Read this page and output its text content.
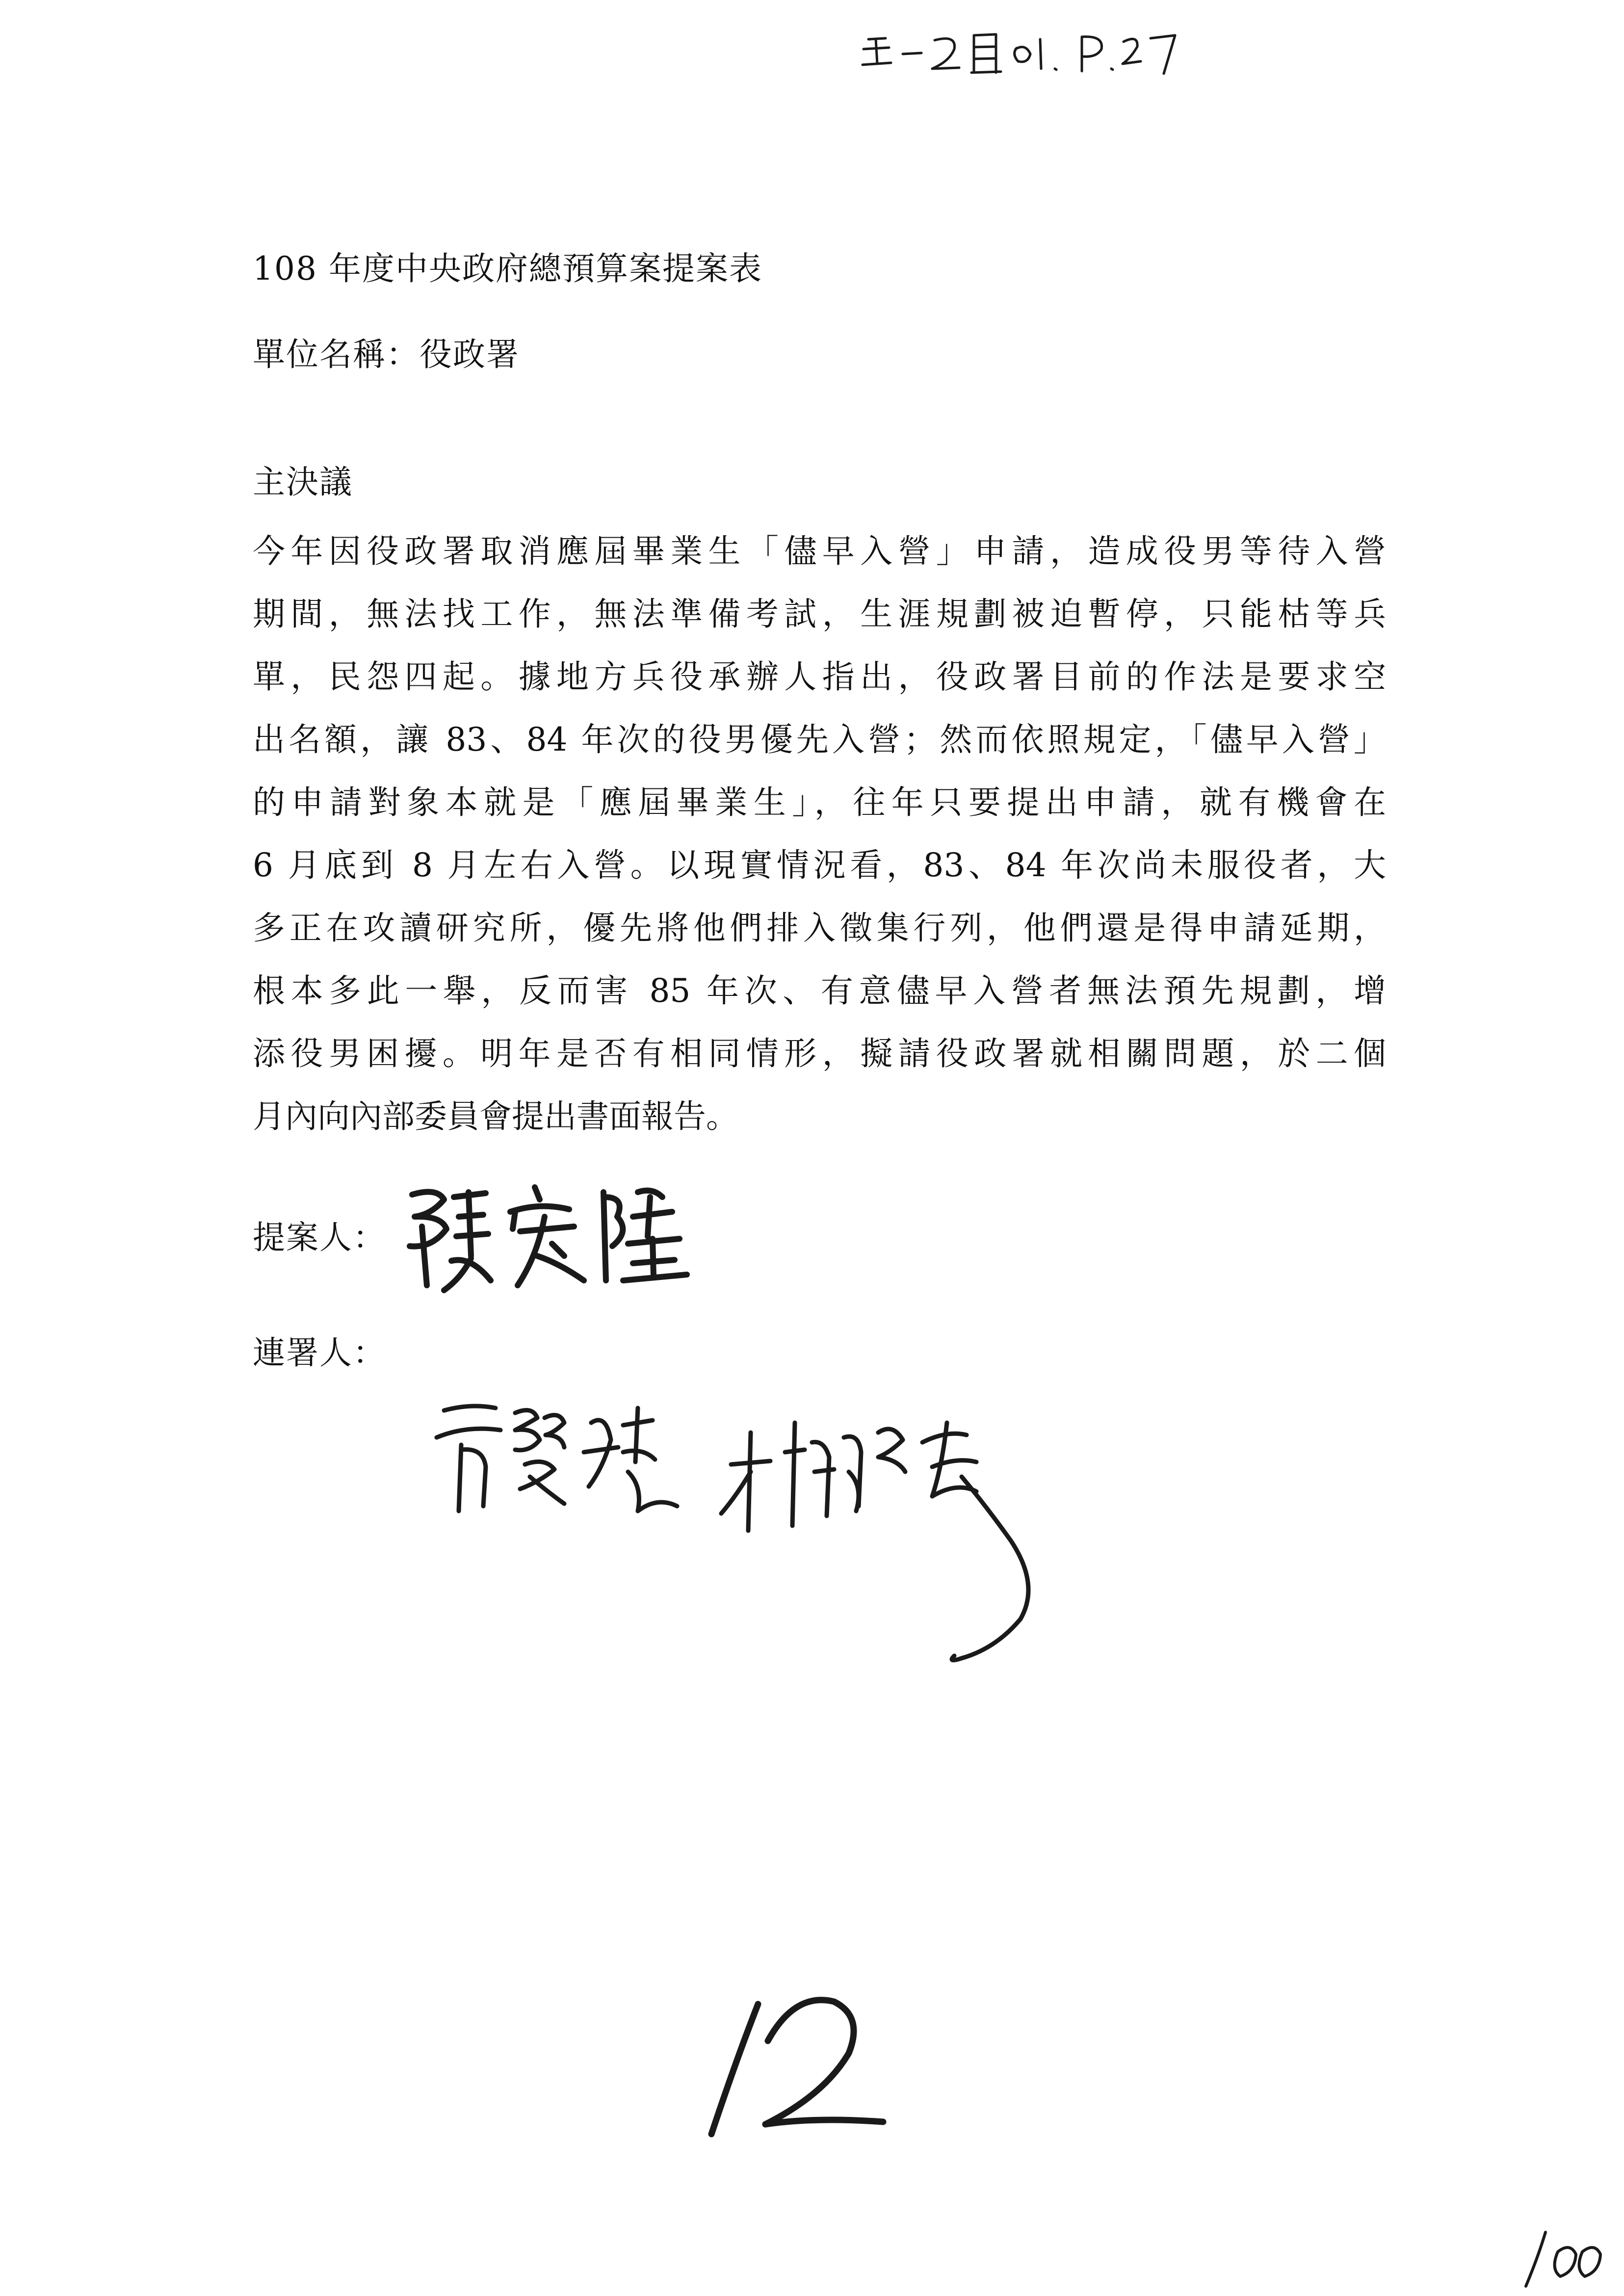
108 年度中央政府總預算案提案表
單位名稱：役政署
主決議
今年因役政署取消應屆畢業生「儘早入營」申請，造成役男等待入營
期間，無法找工作，無法準備考試，生涯規劃被迫暫停，只能枯等兵
單，民怨四起。據地方兵役承辦人指出，役政署目前的作法是要求空
出名額，讓 83、84 年次的役男優先入營；然而依照規定，「儘早入營」
的申請對象本就是「應屆畢業生」，往年只要提出申請，就有機會在
6 月底到 8 月左右入營。以現實情況看，83、84 年次尚未服役者，大
多正在攻讀研究所，優先將他們排入徵集行列，他們還是得申請延期，
根本多此一舉，反而害 85 年次、有意儘早入營者無法預先規劃，增
添役男困擾。明年是否有相同情形，擬請役政署就相關問題，於二個
月內向內部委員會提出書面報告。
提案人：
連署人：
